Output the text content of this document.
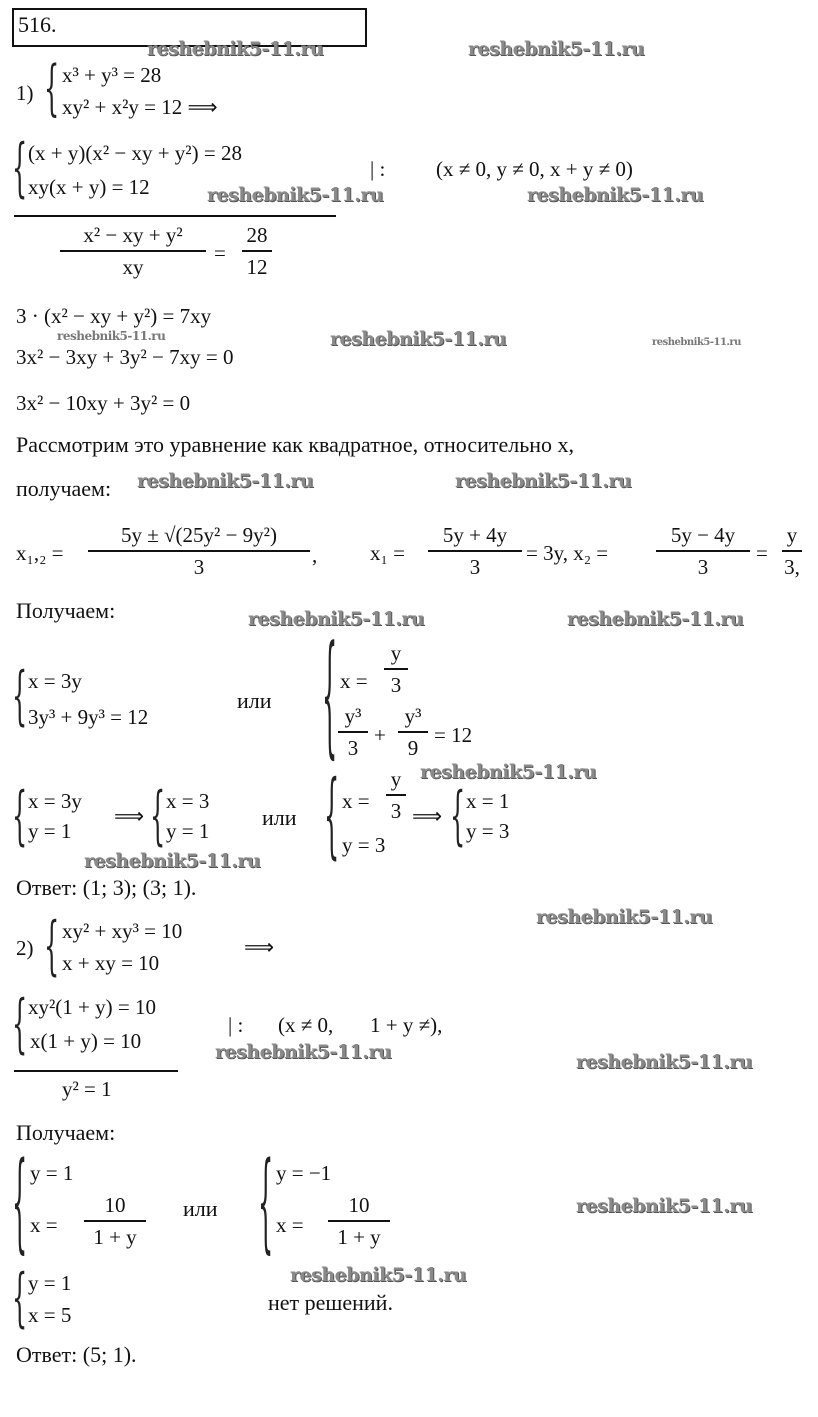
516.
1) { x³ + y³ = 28
xy² + x²y = 12 ⟹
{ (x + y)(x² − xy + y²) = 28
xy(x + y) = 12
| : (x ≠ 0, y ≠ 0, x + y ≠ 0)
x² − xy + y²
xy
=
28
12
3 · (x² − xy + y²) = 7xy
3x² − 3xy + 3y² − 7xy = 0
3x² − 10xy + 3y² = 0
Рассмотрим это уравнение как квадратное, относительно x,
получаем:
x₁,₂ =
5y ± √(25y² − 9y²)
3	,	x₁ =
5y + 4y
3
= 3y, x₂ =
5y − 4y
3
=
y
3,
Получаем:
{ x = 3y
3y³ + 9y³ = 12
или { x =
y
3
y³
3
+
y³
9
= 12
{ x = 3y
y = 1
⟹ { x = 3
y = 1
или { x =
y
3
y = 3
⟹ { x = 1
y = 3
Ответ: (1; 3); (3; 1).
2) { xy² + xy³ = 10
x + xy = 10
⟹
{ xy²(1 + y) = 10
x(1 + y) = 10
| : (x ≠ 0,       1 + y ≠),
y² = 1
Получаем:
{ y = 1
x =
10
1 + y
или { y = −1
x =
10
1 + y
{ y = 1
x = 5	нет решений.
Ответ: (5; 1).
reshebnik5-11.ru	reshebnik5-11.ru
reshebnik5-11.ru	reshebnik5-11.ru
reshebnik5-11.ru	reshebnik5-11.ru	reshebnik5-11.ru
reshebnik5-11.ru	reshebnik5-11.ru
reshebnik5-11.ru	reshebnik5-11.ru
reshebnik5-11.ru
reshebnik5-11.ru
reshebnik5-11.ru
reshebnik5-11.ru	reshebnik5-11.ru
reshebnik5-11.ru
reshebnik5-11.ru
